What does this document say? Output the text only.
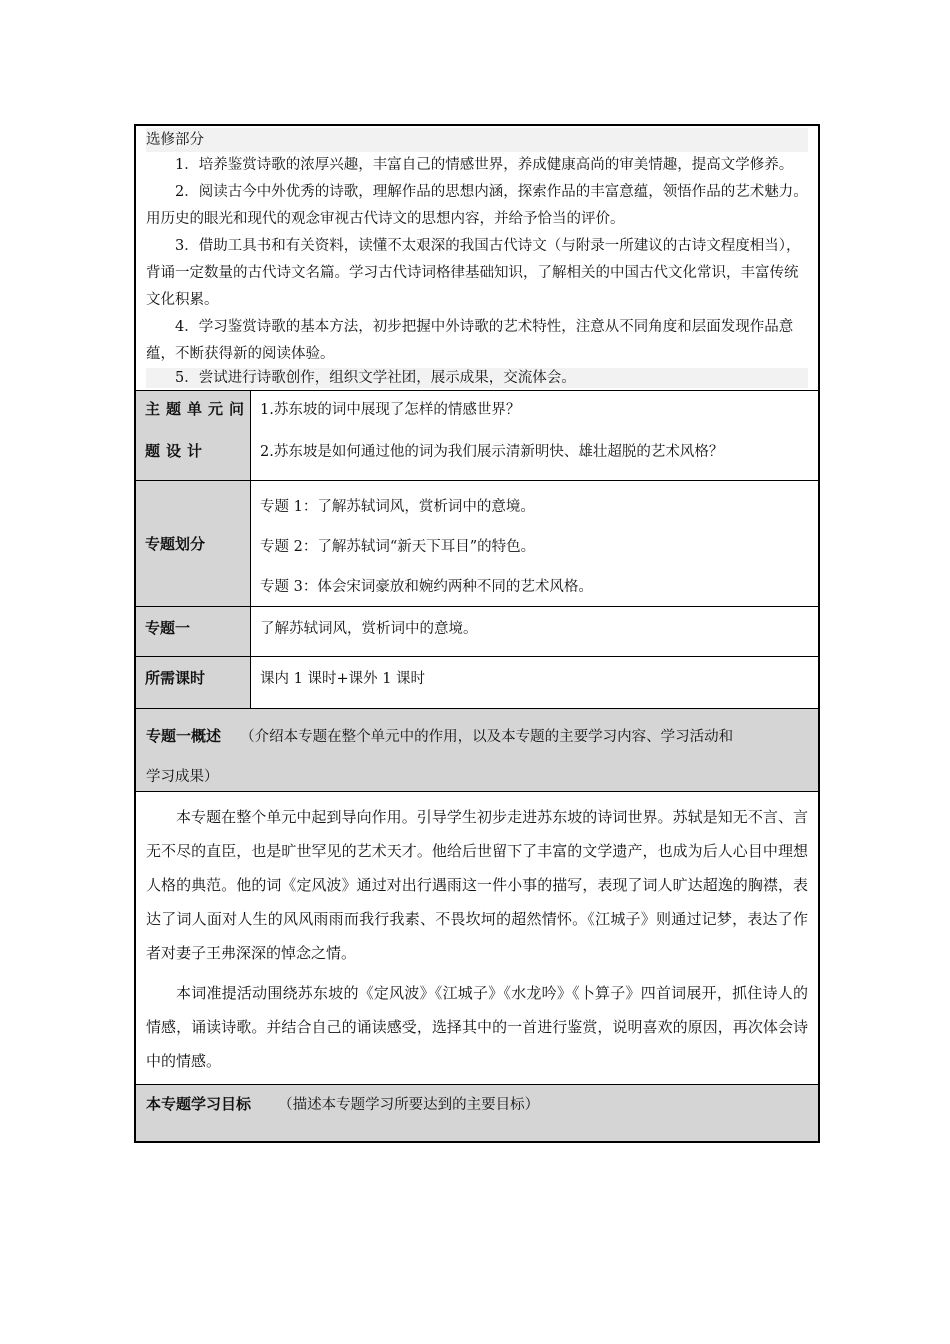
选修部分

1．培养鉴赏诗歌的浓厚兴趣，丰富自己的情感世界，养成健康高尚的审美情趣，提高文学修养。

2．阅读古今中外优秀的诗歌，理解作品的思想内涵，探索作品的丰富意蕴，领悟作品的艺术魅力。用历史的眼光和现代的观念审视古代诗文的思想内容，并给予恰当的评价。

3．借助工具书和有关资料，读懂不太艰深的我国古代诗文（与附录一所建议的古诗文程度相当），背诵一定数量的古代诗文名篇。学习古代诗词格律基础知识，了解相关的中国古代文化常识，丰富传统文化积累。

4．学习鉴赏诗歌的基本方法，初步把握中外诗歌的艺术特性，注意从不同角度和层面发现作品意蕴，不断获得新的阅读体验。

5．尝试进行诗歌创作，组织文学社团，展示成果，交流体会。

主题单元问
题设计

1.苏东坡的词中展现了怎样的情感世界？

2.苏东坡是如何通过他的词为我们展示清新明快、雄壮超脱的艺术风格？

专题划分
专题 1：了解苏轼词风，赏析词中的意境。
专题 2：了解苏轼词“新天下耳目”的特色。
专题 3：体会宋词豪放和婉约两种不同的艺术风格。
专题一	了解苏轼词风，赏析词中的意境。
所需课时	课内 1 课时+课外 1 课时
专题一概述 （介绍本专题在整个单元中的作用，以及本专题的主要学习内容、学习活动和
学习成果）

本专题在整个单元中起到导向作用。引导学生初步走进苏东坡的诗词世界。苏轼是知无不言、言无不尽的直臣，也是旷世罕见的艺术天才。他给后世留下了丰富的文学遗产，也成为后人心目中理想人格的典范。他的词《定风波》通过对出行遇雨这一件小事的描写，表现了词人旷达超逸的胸襟，表达了词人面对人生的风风雨雨而我行我素、不畏坎坷的超然情怀。《江城子》则通过记梦，表达了作者对妻子王弗深深的悼念之情。

本词准提活动围绕苏东坡的《定风波》《江城子》《水龙吟》《卜算子》四首词展开，抓住诗人的情感，诵读诗歌。并结合自己的诵读感受，选择其中的一首进行鉴赏，说明喜欢的原因，再次体会诗中的情感。

本专题学习目标 （描述本专题学习所要达到的主要目标）
